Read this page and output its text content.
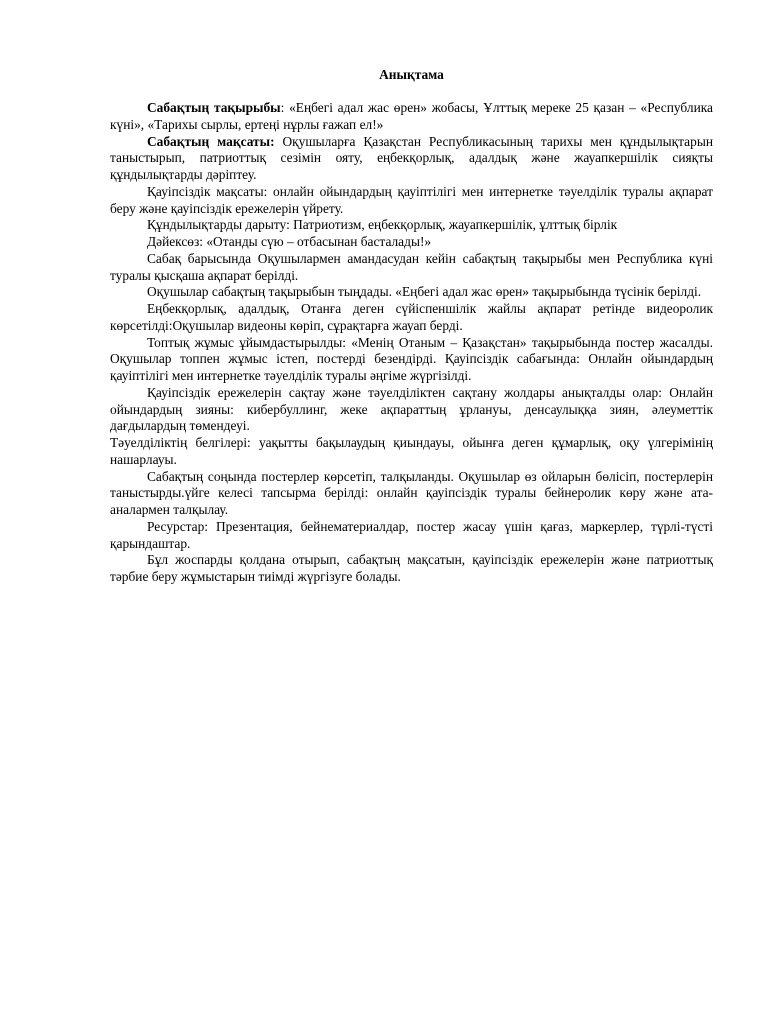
Анықтама

Сабақтың тақырыбы: «Еңбегі адал жас өрен» жобасы, Ұлттық мереке 25 қазан – «Республика күні», «Тарихы сырлы, ертеңі нұрлы ғажап ел!»

Сабақтың мақсаты: Оқушыларға Қазақстан Республикасының тарихы мен құндылықтарын таныстырып, патриоттық сезімін ояту, еңбекқорлық, адалдық және жауапкершілік сияқты құндылықтарды дәріптеу.

Қауіпсіздік мақсаты: онлайн ойындардың қауіптілігі мен интернетке тәуелділік туралы ақпарат беру және қауіпсіздік ережелерін үйрету.

Құндылықтарды дарыту: Патриотизм, еңбекқорлық, жауапкершілік, ұлттық бірлік

Дәйексөз: «Отанды сүю – отбасынан басталады!»

Сабақ барысында Оқушылармен амандасудан кейін сабақтың тақырыбы мен Республика күні туралы қысқаша ақпарат берілді.

Оқушылар сабақтың тақырыбын тыңдады. «Еңбегі адал жас өрен» тақырыбында түсінік берілді.

Еңбекқорлық, адалдық, Отанға деген сүйіспеншілік жайлы ақпарат ретінде видеоролик көрсетілді:Оқушылар видеоны көріп, сұрақтарға жауап берді.

Топтық жұмыс ұйымдастырылды: «Менің Отаным – Қазақстан» тақырыбында постер жасалды. Оқушылар топпен жұмыс істеп, постерді безендірді. Қауіпсіздік сабағында: Онлайн ойындардың қауіптілігі мен интернетке тәуелділік туралы әңгіме жүргізілді.

Қауіпсіздік ережелерін сақтау және тәуелділіктен сақтану жолдары анықталды олар: Онлайн ойындардың зияны: кибербуллинг, жеке ақпараттың ұрлануы, денсаулыққа зиян, әлеуметтік дағдылардың төмендеуі.

Тәуелділіктің белгілері: уақытты бақылаудың қиындауы, ойынға деген құмарлық, оқу үлгерімінің нашарлауы.

Сабақтың соңында постерлер көрсетіп, талқыланды. Оқушылар өз ойларын бөлісіп, постерлерін таныстырды.үйге келесі тапсырма берілді: онлайн қауіпсіздік туралы бейнеролик көру және ата-аналармен талқылау.

Ресурстар: Презентация, бейнематериалдар, постер жасау үшін қағаз, маркерлер, түрлі-түсті қарындаштар.

Бұл жоспарды қолдана отырып, сабақтың мақсатын, қауіпсіздік ережелерін және патриоттық тәрбие беру жұмыстарын тиімді жүргізуге болады.
